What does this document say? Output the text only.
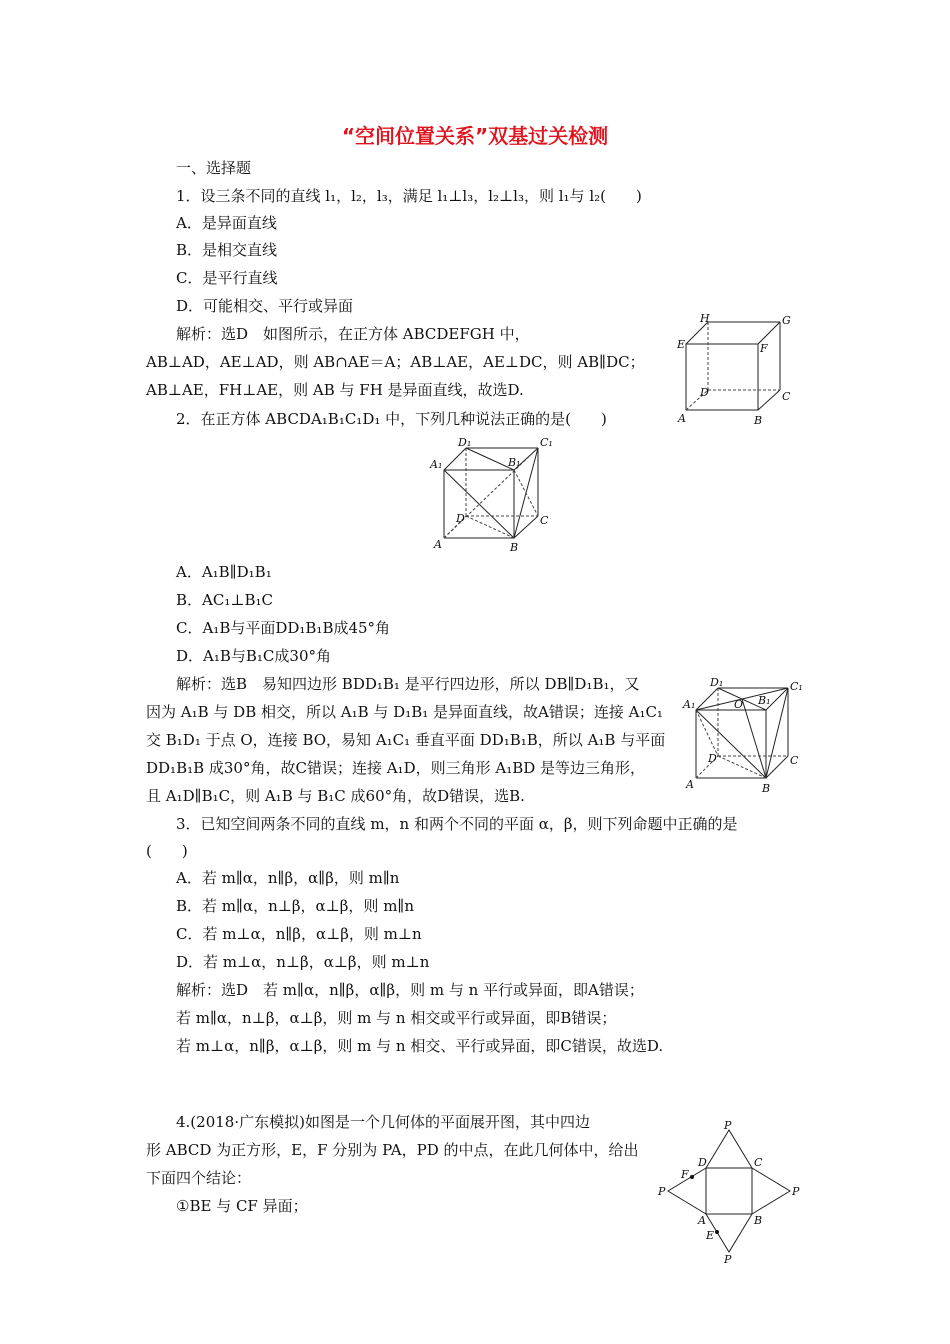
“空间位置关系”双基过关检测
一、选择题
1．设三条不同的直线 l₁，l₂，l₃，满足 l₁⊥l₃，l₂⊥l₃，则 l₁与 l₂(　　)
A．是异面直线
B．是相交直线
C．是平行直线
D．可能相交、平行或异面
解析：选D　如图所示，在正方体 ABCDEFGH 中，
AB⊥AD，AE⊥AD，则 AB∩AE＝A；AB⊥AE，AE⊥DC，则 AB∥DC；
AB⊥AE，FH⊥AE，则 AB 与 FH 是异面直线，故选D.
H	G
E	F
D	C
A	B
2．在正方体 ABCDA₁B₁C₁D₁ 中，下列几种说法正确的是(　　)
D₁	C₁
A₁	B₁
D	C
A	B
A．A₁B∥D₁B₁
B．AC₁⊥B₁C
C．A₁B与平面DD₁B₁B成45°角
D．A₁B与B₁C成30°角
解析：选B　易知四边形 BDD₁B₁ 是平行四边形，所以 DB∥D₁B₁，又
因为 A₁B 与 DB 相交，所以 A₁B 与 D₁B₁ 是异面直线，故A错误；连接 A₁C₁
交 B₁D₁ 于点 O，连接 BO，易知 A₁C₁ 垂直平面 DD₁B₁B，所以 A₁B 与平面
DD₁B₁B 成30°角，故C错误；连接 A₁D，则三角形 A₁BD 是等边三角形，
且 A₁D∥B₁C，则 A₁B 与 B₁C 成60°角，故D错误，选B.
D₁	C₁
A₁	O B₁
D	C
A	B
3．已知空间两条不同的直线 m，n 和两个不同的平面 α，β，则下列命题中正确的是
(　　)
A．若 m∥α，n∥β，α∥β，则 m∥n
B．若 m∥α，n⊥β，α⊥β，则 m∥n
C．若 m⊥α，n∥β，α⊥β，则 m⊥n
D．若 m⊥α，n⊥β，α⊥β，则 m⊥n
解析：选D　若 m∥α，n∥β，α∥β，则 m 与 n 平行或异面，即A错误；
若 m∥α，n⊥β，α⊥β，则 m 与 n 相交或平行或异面，即B错误；
若 m⊥α，n∥β，α⊥β，则 m 与 n 相交、平行或异面，即C错误，故选D.
4.(2018·广东模拟)如图是一个几何体的平面展开图，其中四边
形 ABCD 为正方形，E，F 分别为 PA，PD 的中点，在此几何体中，给出
下面四个结论：
①BE 与 CF 异面；
P
F
D	C
P	P
A	B
E
P
